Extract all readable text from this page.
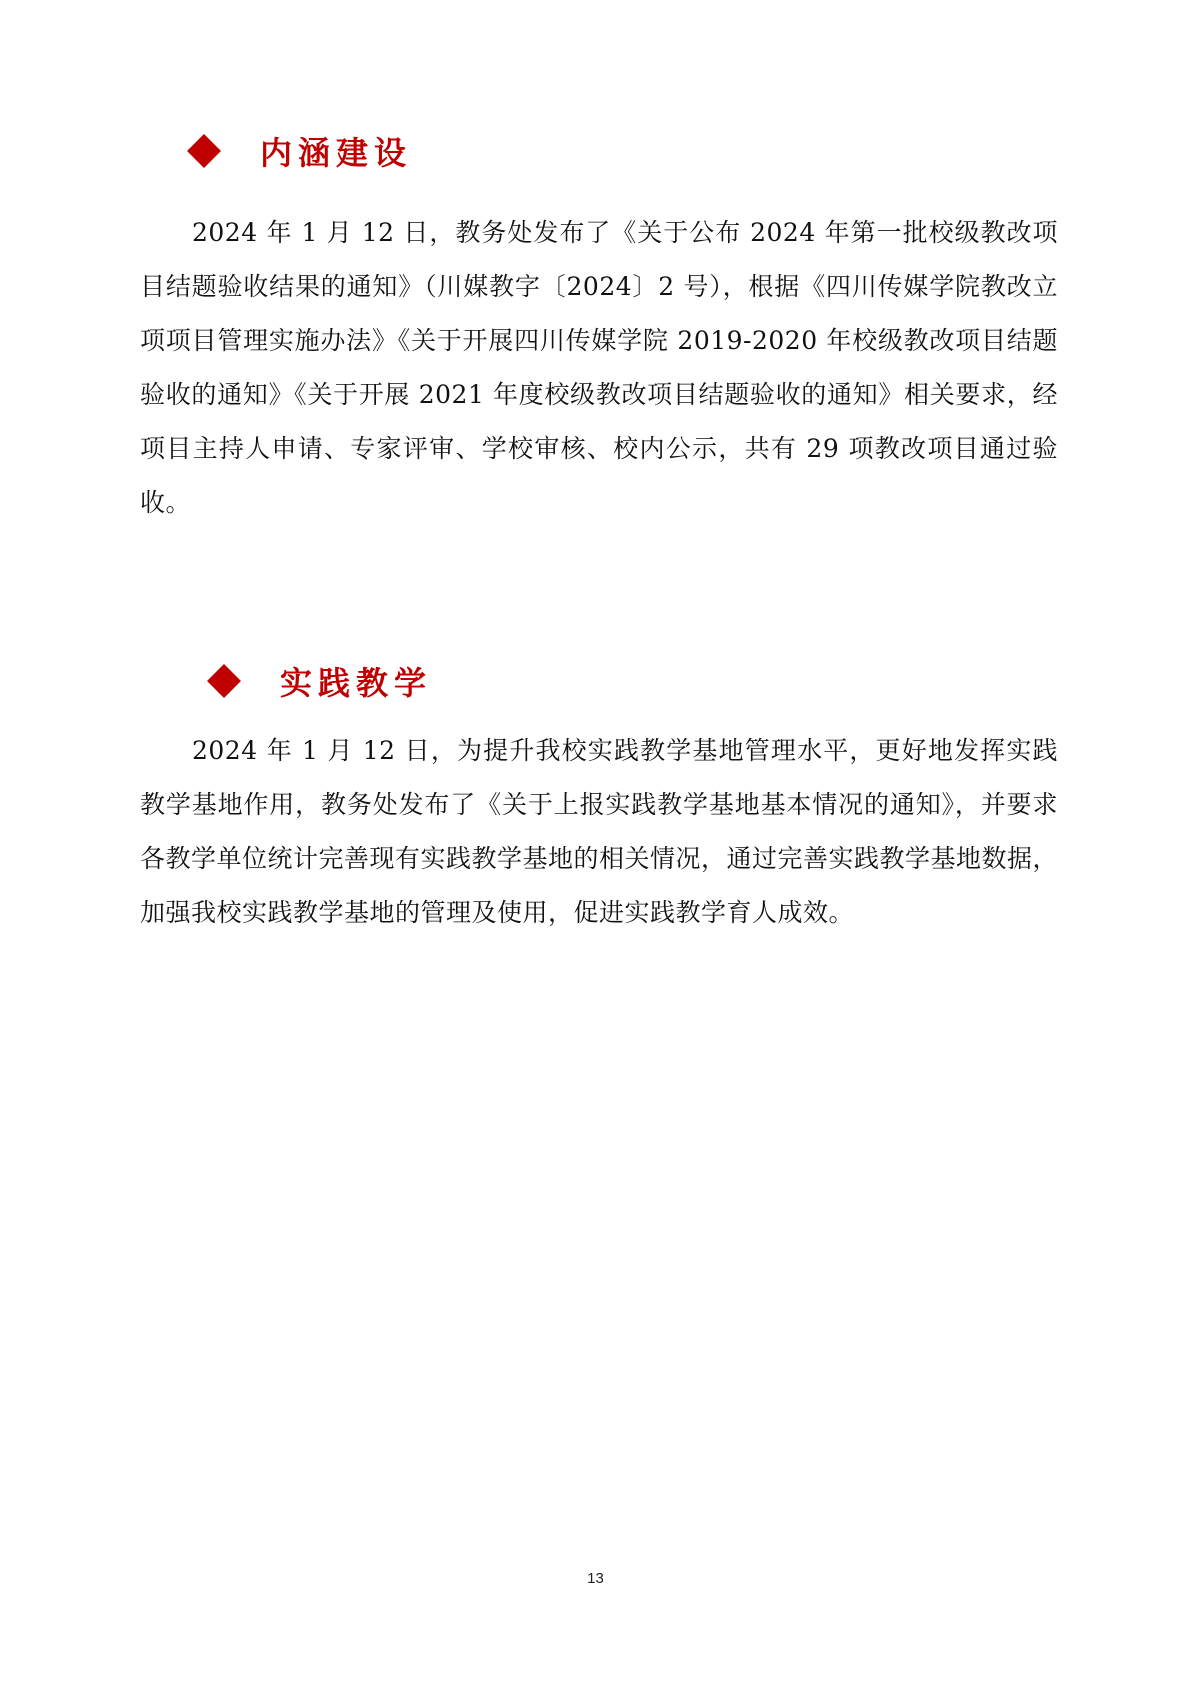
内涵建设

2024 年 1 月 12 日，教务处发布了《关于公布 2024 年第一批校级教改项目结题验收结果的通知》（川媒教字〔2024〕2 号），根据《四川传媒学院教改立项项目管理实施办法》《关于开展四川传媒学院 2019-2020 年校级教改项目结题验收的通知》《关于开展 2021 年度校级教改项目结题验收的通知》相关要求，经项目主持人申请、专家评审、学校审核、校内公示，共有 29 项教改项目通过验收。

实践教学

2024 年 1 月 12 日，为提升我校实践教学基地管理水平，更好地发挥实践教学基地作用，教务处发布了《关于上报实践教学基地基本情况的通知》，并要求各教学单位统计完善现有实践教学基地的相关情况，通过完善实践教学基地数据，加强我校实践教学基地的管理及使用，促进实践教学育人成效。

13
